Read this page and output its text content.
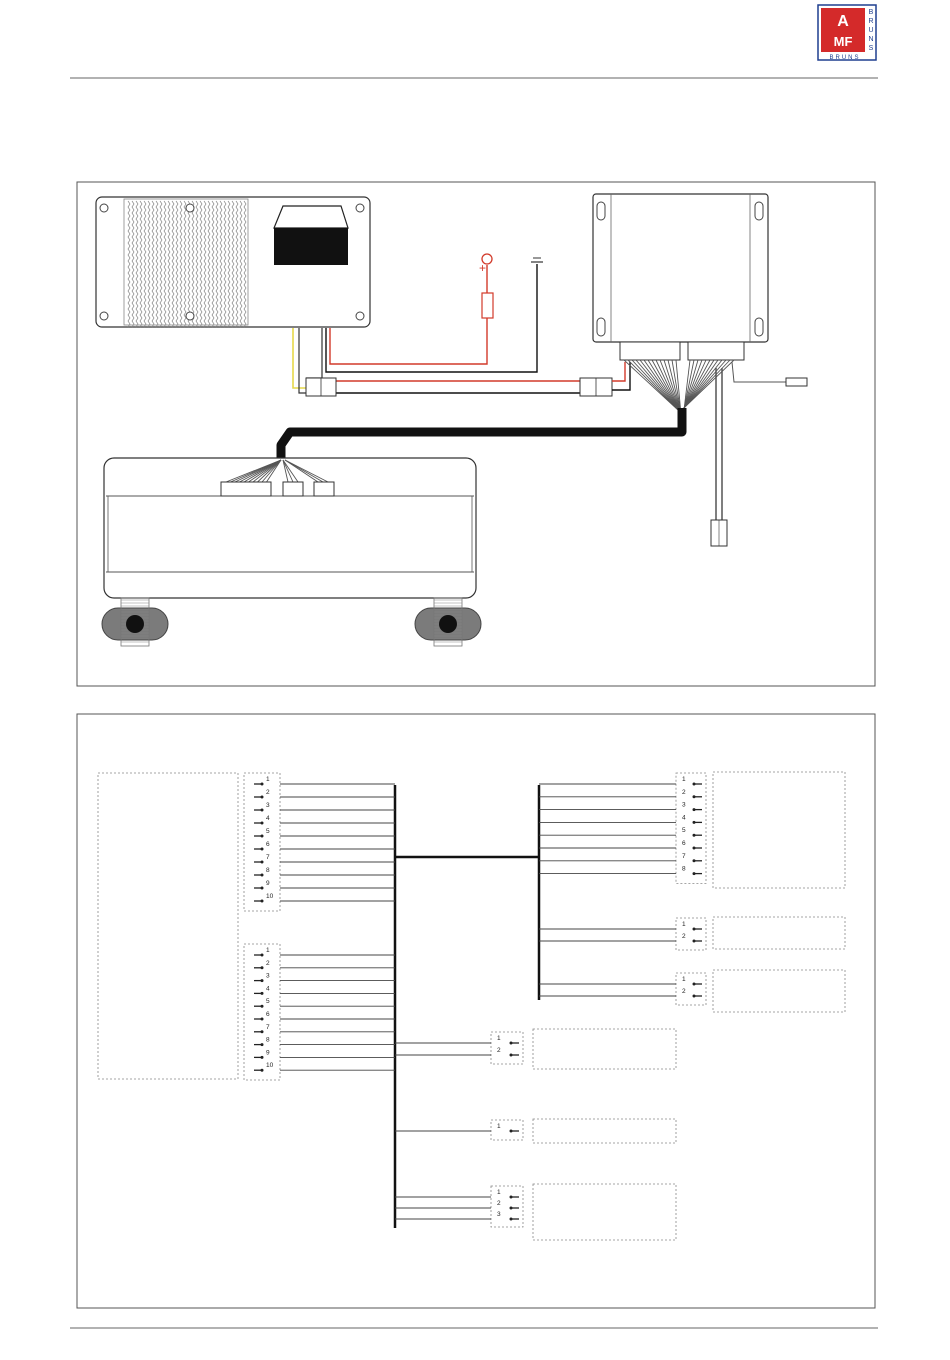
A
MF
B
R
U
N
S
BRUNS
+
1
2
3
4
5
6
7
8
9
10
1
2
3
4
5
6
7
8
9
10
1
2
3
4
5
6
7
8
1
2
1
2
1
2
1
1
2
3
